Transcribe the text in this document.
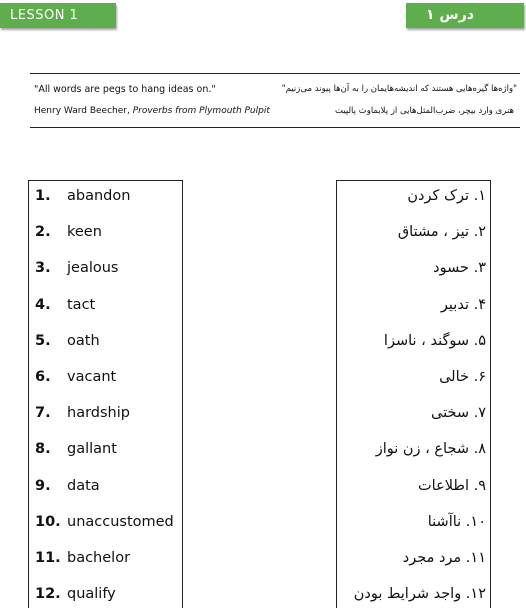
LESSON 1	درس ۱
"All words are pegs to hang ideas on."
Henry Ward Beecher, Proverbs from Plymouth Pulpit
"واژه‌ها گیره‌هایی هستند که اندیشه‌هایمان را به آن‌ها پیوند می‌زنیم"
هنری وارد بیچر، ضرب‌المثل‌هایی از پلایماوث پالپیت
1. abandon
2. keen
3. jealous
4. tact
5. oath
6. vacant
7. hardship
8. gallant
9. data
10. unaccustomed
11. bachelor
12. qualify
۱. ترک کردن
۲. تیز ، مشتاق
۳. حسود
۴. تدبیر
۵. سوگند ، ناسزا
۶. خالی
۷. سختی
۸. شجاع ، زن نواز
۹. اطلاعات
۱۰. ناآشنا
۱۱. مرد مجرد
۱۲. واجد شرایط بودن
